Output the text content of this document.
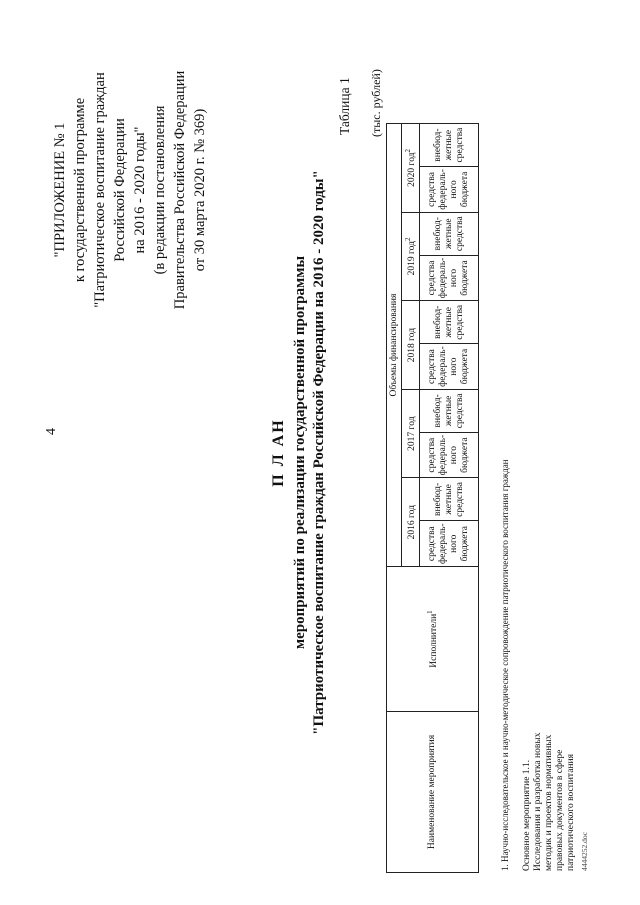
4
"ПРИЛОЖЕНИЕ № 1 к государственной программе "Патриотическое воспитание граждан Российской Федерации на 2016 - 2020 годы" (в редакции постановления Правительства Российской Федерации от 30 марта 2020 г. № 369)
П Л АН мероприятий по реализации государственной программы "Патриотическое воспитание граждан Российской Федерации на 2016 - 2020 годы"
Таблица 1 (тыс. рублей)
Наименование мероприятия	Исполнители$^1$	Объемы финансирования									
		2016 год		2017 год		2018 год		2019 год$^2$		2020 год$^2$
		средства федераль- ного бюджета	внебюд- жетные средства	средства федераль- ного бюджета	внебюд- жетные средства	средства федераль- ного бюджета	внебюд- жетные средства	средства федераль- ного бюджета	внебюд- жетные средства	средства федераль- ного бюджета	внебюд- жетные средства
1. Научно-исследовательское и научно-методическое сопровождение патриотического воспитания граждан Основное мероприятие 1.1. Исследования и разработка новых методик и проектов нормативных правовых документов в сфере патриотического воспитания 4444252.doc
